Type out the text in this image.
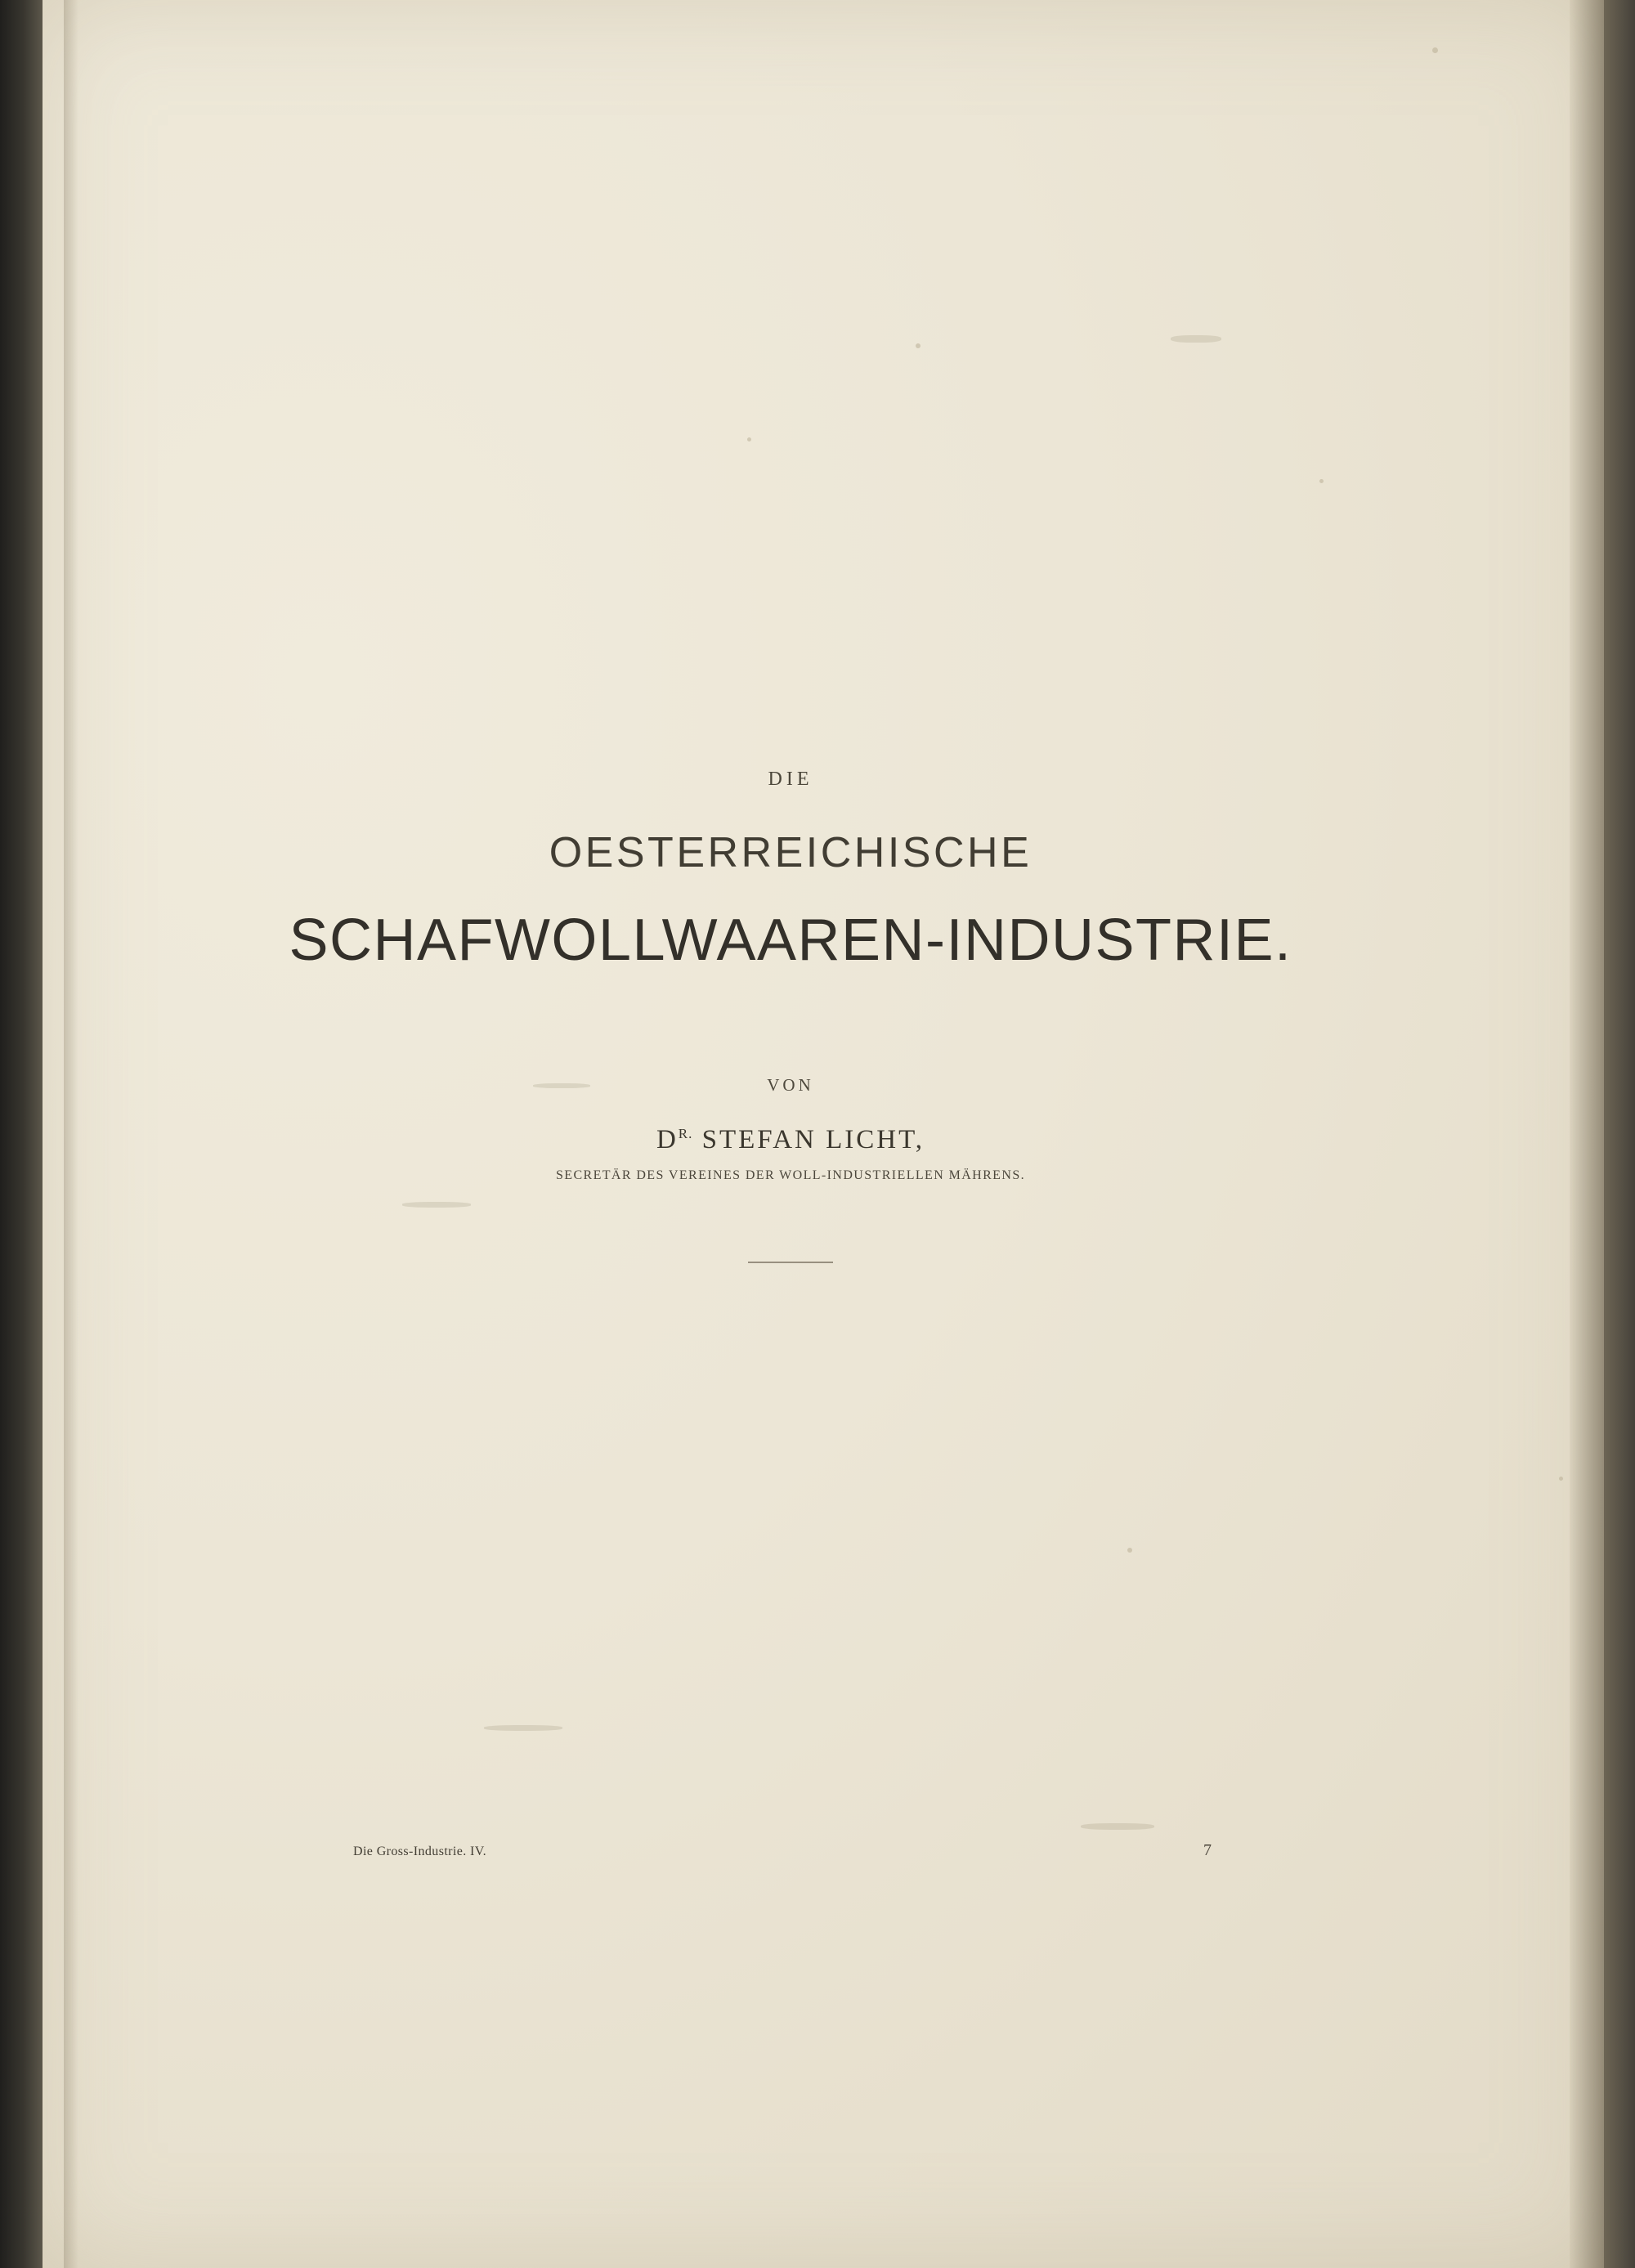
DIE
OESTERREICHISCHE
SCHAFWOLLWAAREN-INDUSTRIE.
VON
$D^{R.}$ STEFAN LICHT,
SECRETÄR DES VEREINES DER WOLL-INDUSTRIELLEN MÄHRENS.
Die Gross-Industrie. IV.	7
